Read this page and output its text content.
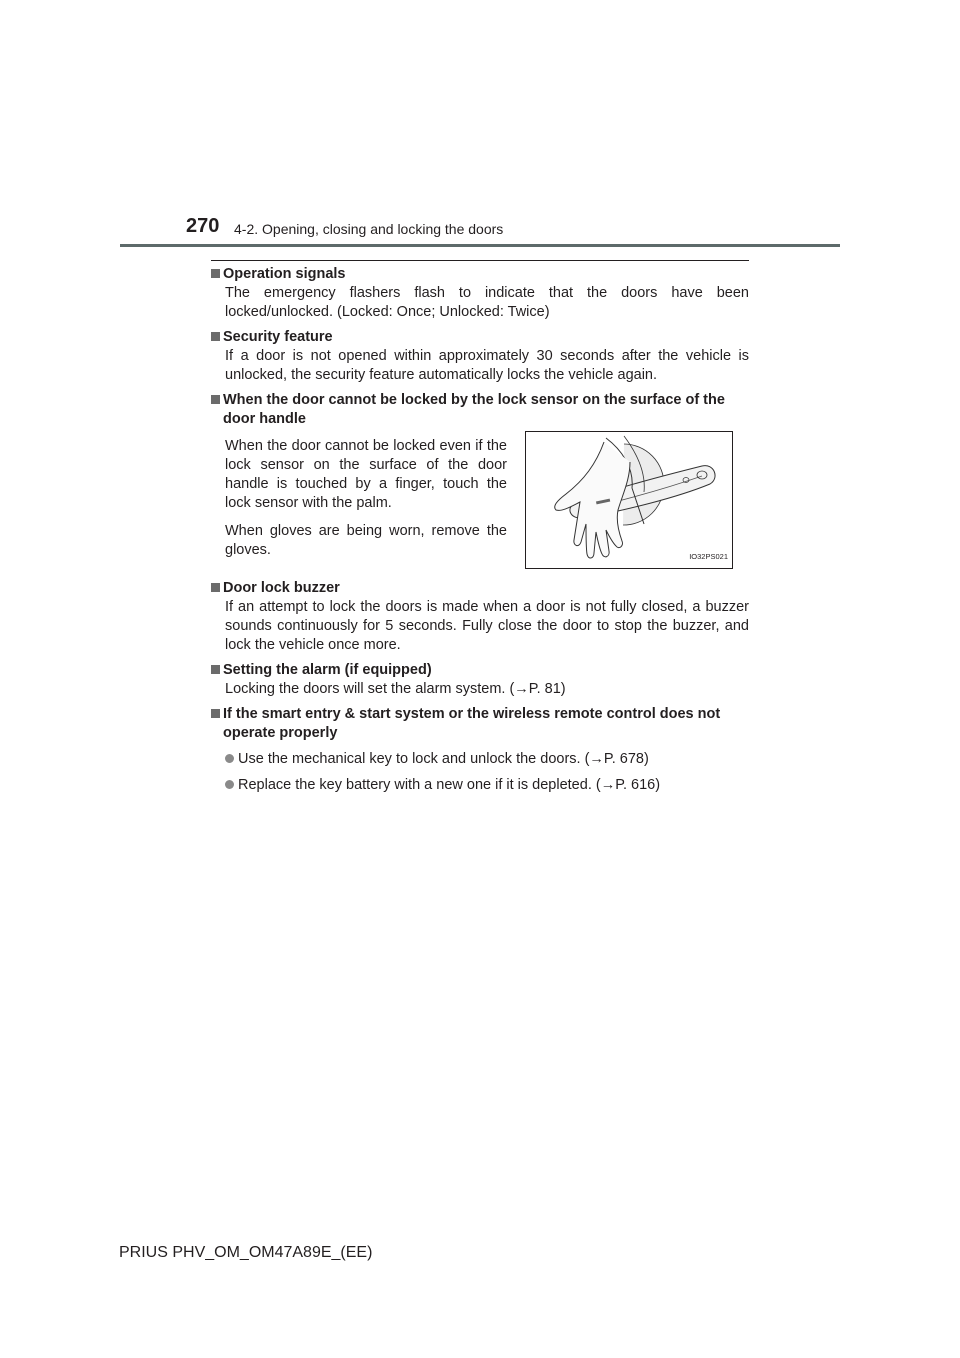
270 4-2. Opening, closing and locking the doors
Operation signals
The emergency flashers flash to indicate that the doors have been locked/unlocked. (Locked: Once; Unlocked: Twice)
Security feature
If a door is not opened within approximately 30 seconds after the vehicle is unlocked, the security feature automatically locks the vehicle again.
When the door cannot be locked by the lock sensor on the surface of the door handle

When the door cannot be locked even if the lock sensor on the surface of the door handle is touched by a finger, touch the lock sensor with the palm.

When gloves are being worn, remove the gloves.	IO32PS021
Door lock buzzer
If an attempt to lock the doors is made when a door is not fully closed, a buzzer sounds continuously for 5 seconds. Fully close the door to stop the buzzer, and lock the vehicle once more.
Setting the alarm (if equipped)
Locking the doors will set the alarm system. (→P. 81)
If the smart entry & start system or the wireless remote control does not operate properly
Use the mechanical key to lock and unlock the doors. (→P. 678)
Replace the key battery with a new one if it is depleted. (→P. 616)
PRIUS PHV_OM_OM47A89E_(EE)
